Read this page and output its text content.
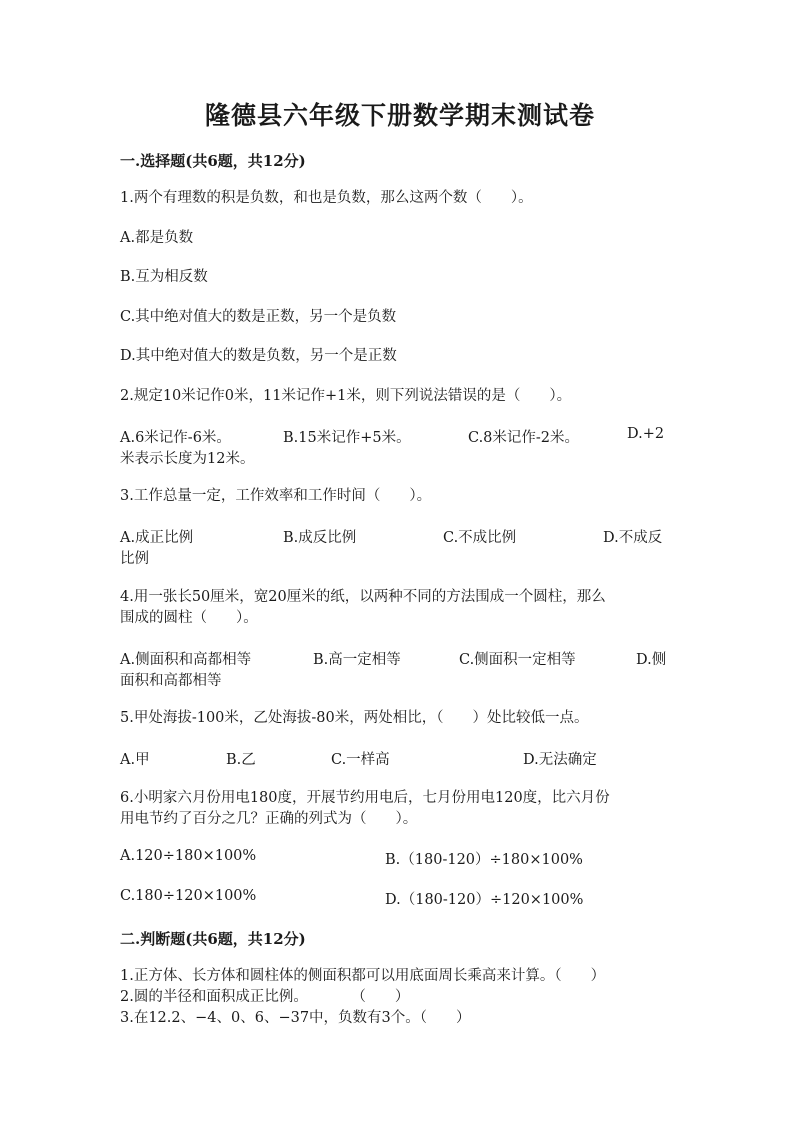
隆德县六年级下册数学期末测试卷
一.选择题(共6题，共12分)
1.两个有理数的积是负数，和也是负数，那么这两个数（　　）。
A.都是负数
B.互为相反数
C.其中绝对值大的数是正数，另一个是负数
D.其中绝对值大的数是负数，另一个是正数
2.规定10米记作0米，11米记作+1米，则下列说法错误的是（　　）。
A.6米记作-6米。	B.15米记作+5米。	C.8米记作-2米。	D.+2
米表示长度为12米。
3.工作总量一定，工作效率和工作时间（　　）。
A.成正比例	B.成反比例	C.不成比例	D.不成反
比例
4.用一张长50厘米，宽20厘米的纸，以两种不同的方法围成一个圆柱，那么
围成的圆柱（　　）。
A.侧面积和高都相等	B.高一定相等	C.侧面积一定相等	D.侧
面积和高都相等
5.甲处海拔-100米，乙处海拔-80米，两处相比，（　　）处比较低一点。
A.甲	B.乙	C.一样高	D.无法确定
6.小明家六月份用电180度，开展节约用电后，七月份用电120度，比六月份
用电节约了百分之几？正确的列式为（　　）。
A.120÷180×100%	B.（180-120）÷180×100%
C.180÷120×100%	D.（180-120）÷120×100%
二.判断题(共6题，共12分)
1.正方体、长方体和圆柱体的侧面积都可以用底面周长乘高来计算。（　　）
2.圆的半径和面积成正比例。　　　　（　　）
3.在12.2、−4、0、6、−37中，负数有3个。（　　）
